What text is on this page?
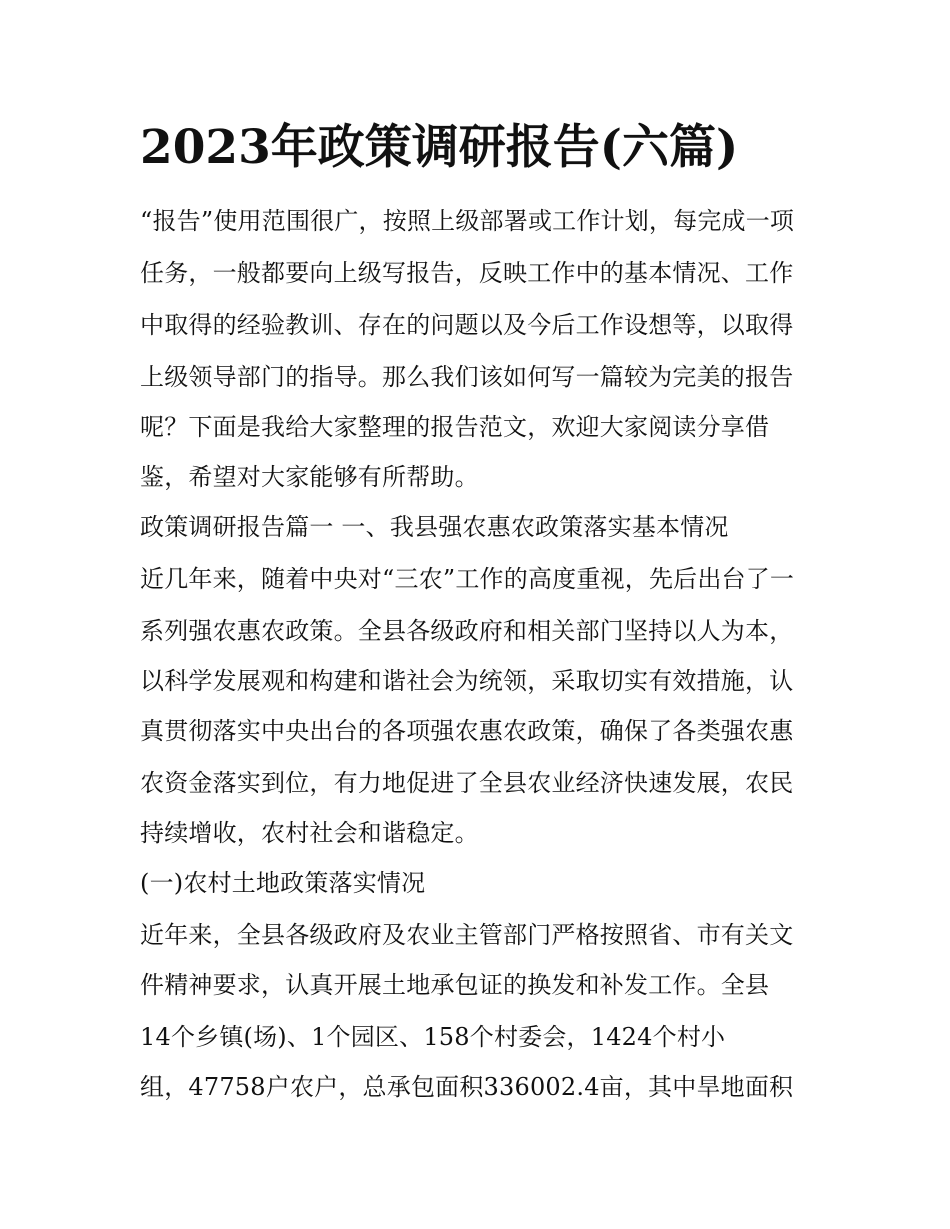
2023年政策调研报告(六篇)

“报告”使用范围很广，按照上级部署或工作计划，每完成一项

任务，一般都要向上级写报告，反映工作中的基本情况、工作

中取得的经验教训、存在的问题以及今后工作设想等，以取得

上级领导部门的指导。那么我们该如何写一篇较为完美的报告

呢？下面是我给大家整理的报告范文，欢迎大家阅读分享借

鉴，希望对大家能够有所帮助。

政策调研报告篇一 一、我县强农惠农政策落实基本情况

近几年来，随着中央对“三农”工作的高度重视，先后出台了一

系列强农惠农政策。全县各级政府和相关部门坚持以人为本，

以科学发展观和构建和谐社会为统领，采取切实有效措施，认

真贯彻落实中央出台的各项强农惠农政策，确保了各类强农惠

农资金落实到位，有力地促进了全县农业经济快速发展，农民

持续增收，农村社会和谐稳定。

(一)农村土地政策落实情况

近年来，全县各级政府及农业主管部门严格按照省、市有关文

件精神要求，认真开展土地承包证的换发和补发工作。全县

14个乡镇(场)、1个园区、158个村委会，1424个村小

组，47758户农户，总承包面积336002.4亩，其中旱地面积
